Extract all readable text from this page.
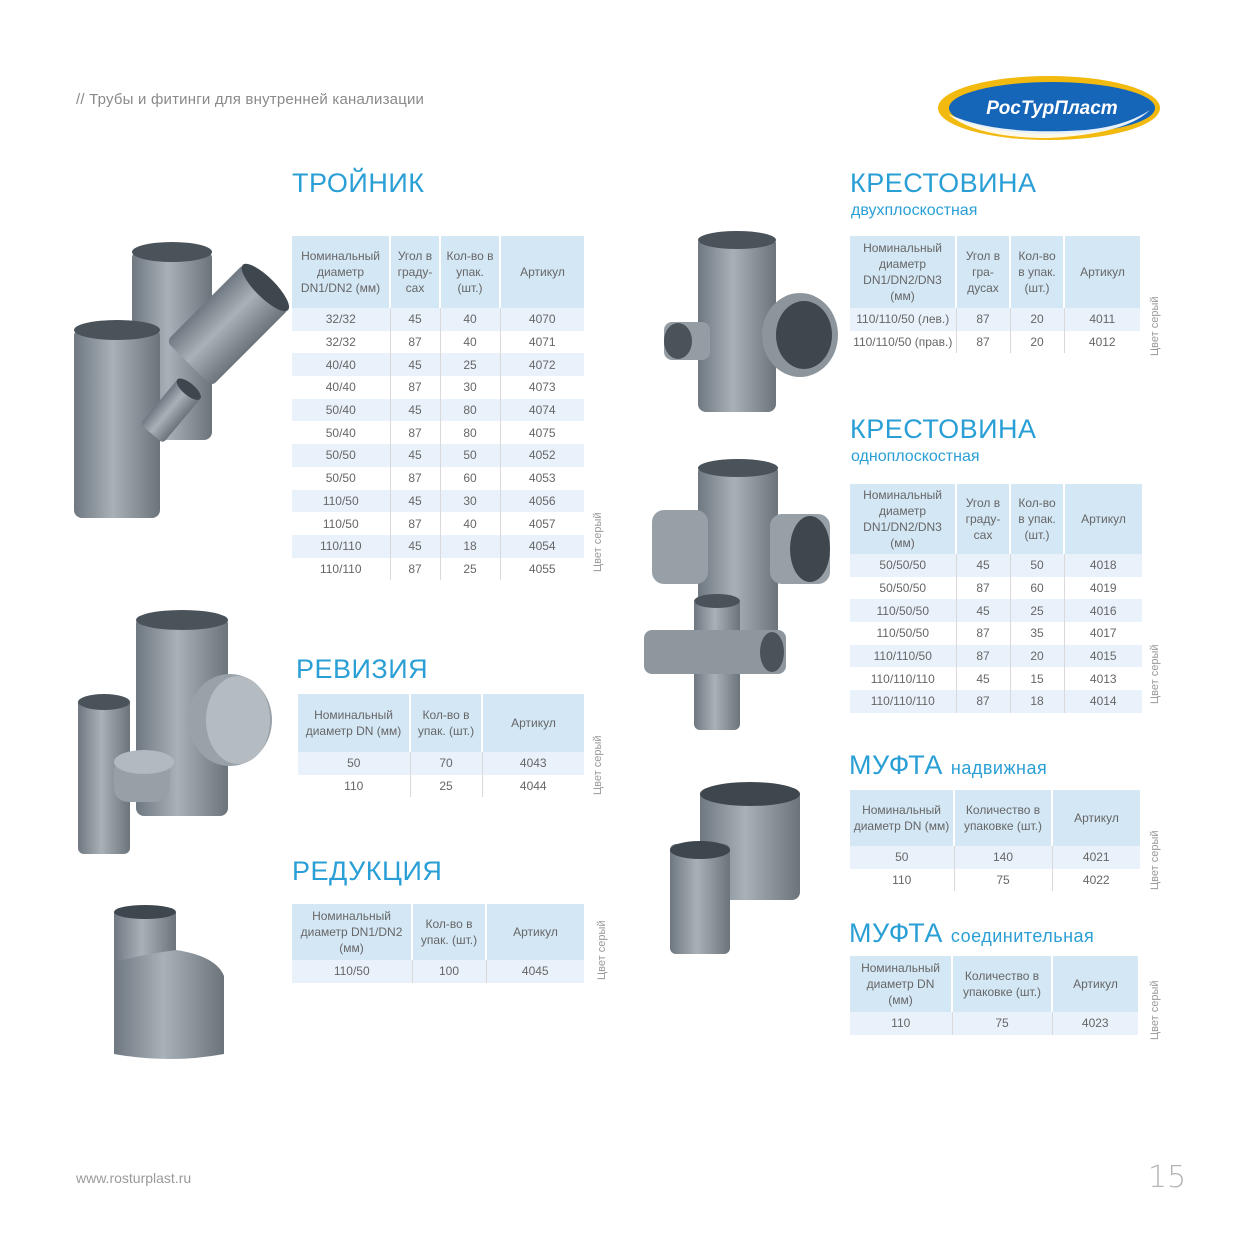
// Трубы и фитинги для внутренней канализации	РосТурПласт
ТРОЙНИК
Номинальный диаметр DN1/DN2 (мм)	Угол в граду-сах	Кол-во в упак. (шт.)	Артикул
32/32	45	40	4070
32/32	87	40	4071
40/40	45	25	4072
40/40	87	30	4073
50/40	45	80	4074
50/40	87	80	4075
50/50	45	50	4052
50/50	87	60	4053
110/50	45	30	4056
110/50	87	40	4057
110/110	45	18	4054
110/110	87	25	4055	Цвет серый
РЕВИЗИЯ
Номинальный диаметр DN (мм)	Кол-во в упак. (шт.)	Артикул
50	70	4043
110	25	4044	Цвет серый
РЕДУКЦИЯ
Номинальный диаметр DN1/DN2 (мм)	Кол-во в упак. (шт.)	Артикул
110/50	100	4045	Цвет серый
КРЕСТОВИНА
двухплоскостная
Номинальный диаметр DN1/DN2/DN3 (мм)	Угол в гра-дусах	Кол-во в упак. (шт.)	Артикул
110/110/50 (лев.)	87	20	4011
110/110/50 (прав.)	87	20	4012	Цвет серый
КРЕСТОВИНА
одноплоскостная
Номинальный диаметр DN1/DN2/DN3 (мм)	Угол в граду-сах	Кол-во в упак. (шт.)	Артикул
50/50/50	45	50	4018
50/50/50	87	60	4019
110/50/50	45	25	4016
110/50/50	87	35	4017
110/110/50	87	20	4015
110/110/110	45	15	4013
110/110/110	87	18	4014	Цвет серый
МУФТА надвижная
Номинальный диаметр DN (мм)	Количество в упаковке (шт.)	Артикул
50	140	4021
110	75	4022	Цвет серый
МУФТА соединительная
Номинальный диаметр DN (мм)	Количество в упаковке (шт.)	Артикул
110	75	4023	Цвет серый
www.rosturplast.ru	15
